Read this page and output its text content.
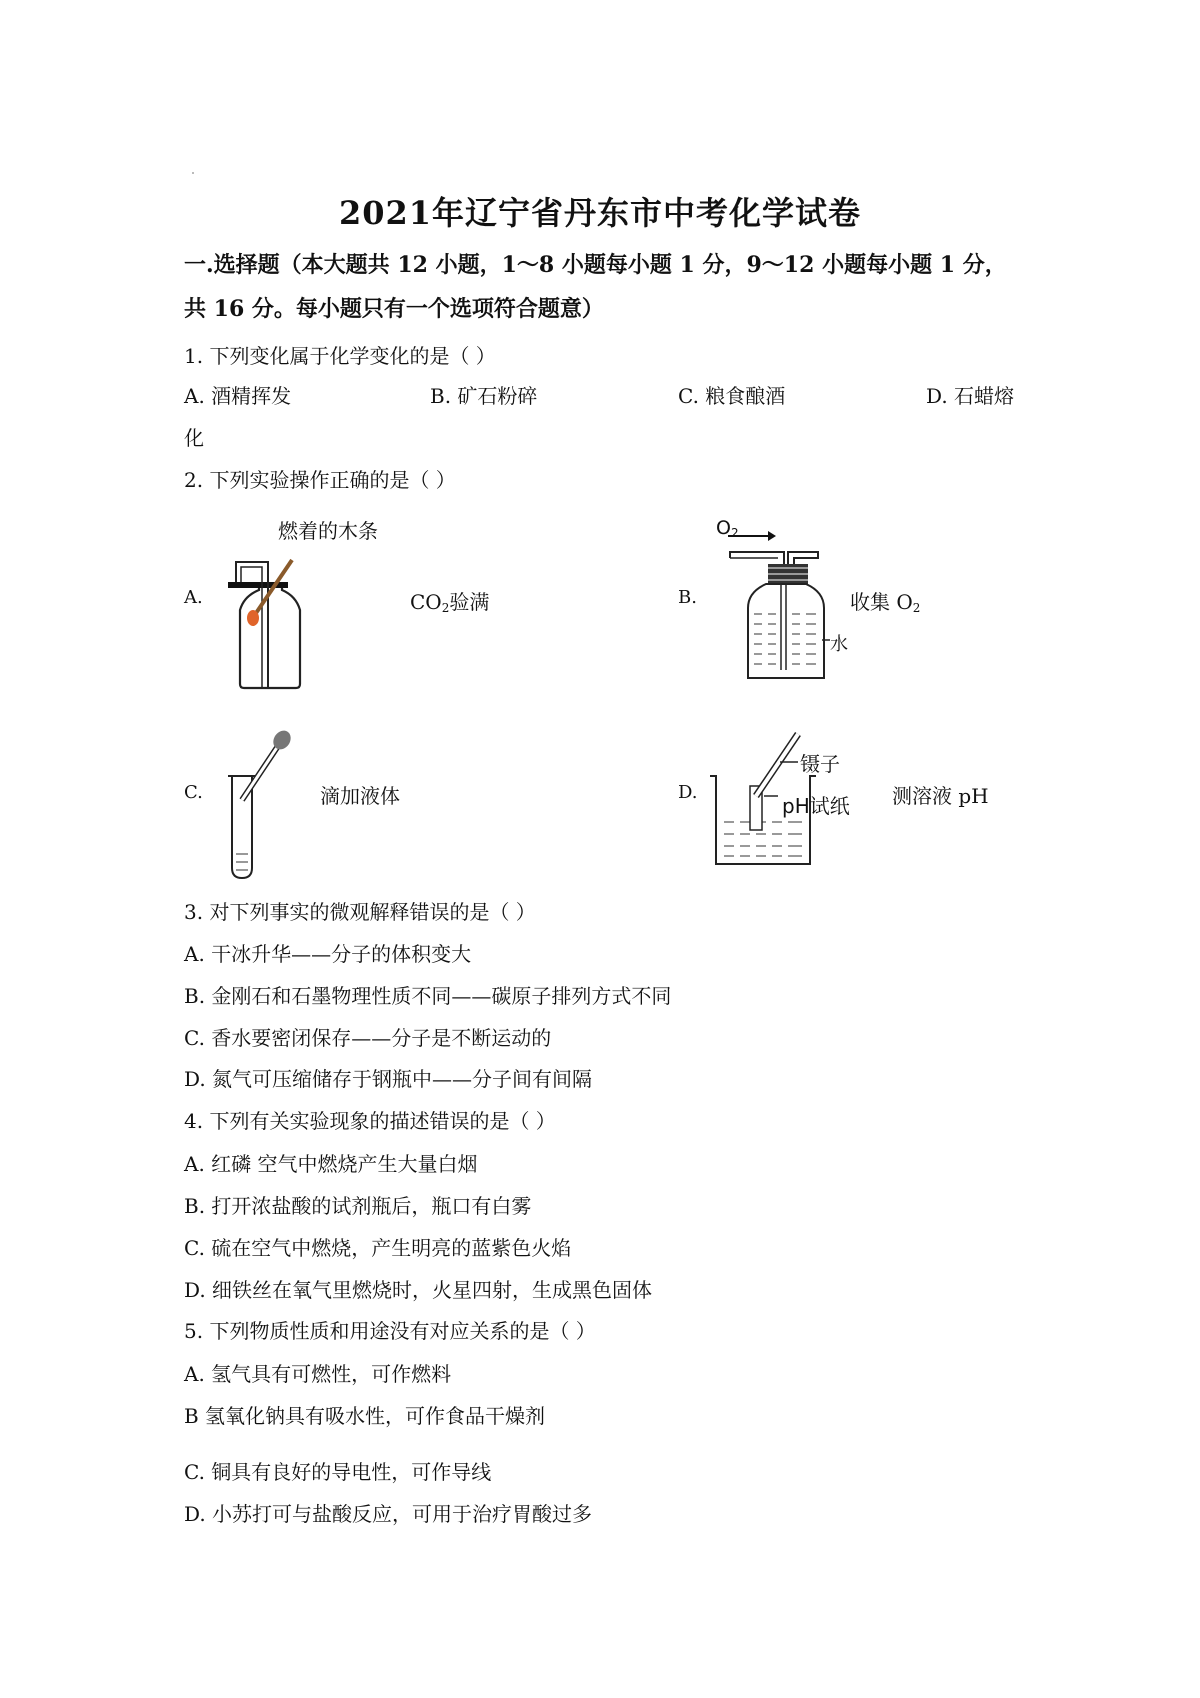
2021年辽宁省丹东市中考化学试卷
一.选择题（本大题共 12 小题，1～8 小题每小题 1 分，9～12 小题每小题 1 分，
共 16 分。每小题只有一个选项符合题意）
1. 下列变化属于化学变化的是（ ）
A. 酒精挥发	B. 矿石粉碎	C. 粮食酿酒	D. 石蜡熔
化
2. 下列实验操作正确的是（ ）
A.
燃着的木条
$CO_2$验满	B.
$O_2$
水
收集 $O_2$
C.	滴加液体	D.
镊子
pH试纸 测溶液 pH
3. 对下列事实的微观解释错误的是（ ）
A. 干冰升华——分子的体积变大
B. 金刚石和石墨物理性质不同——碳原子排列方式不同
C. 香水要密闭保存——分子是不断运动的
D. 氮气可压缩储存于钢瓶中——分子间有间隔
4. 下列有关实验现象的描述错误的是（ ）
A. 红磷 空气中燃烧产生大量白烟
B. 打开浓盐酸的试剂瓶后，瓶口有白雾
C. 硫在空气中燃烧，产生明亮的蓝紫色火焰
D. 细铁丝在氧气里燃烧时，火星四射，生成黑色固体
5. 下列物质性质和用途没有对应关系的是（ ）
A. 氢气具有可燃性，可作燃料
B 氢氧化钠具有吸水性，可作食品干燥剂
C. 铜具有良好的导电性，可作导线
D. 小苏打可与盐酸反应，可用于治疗胃酸过多
